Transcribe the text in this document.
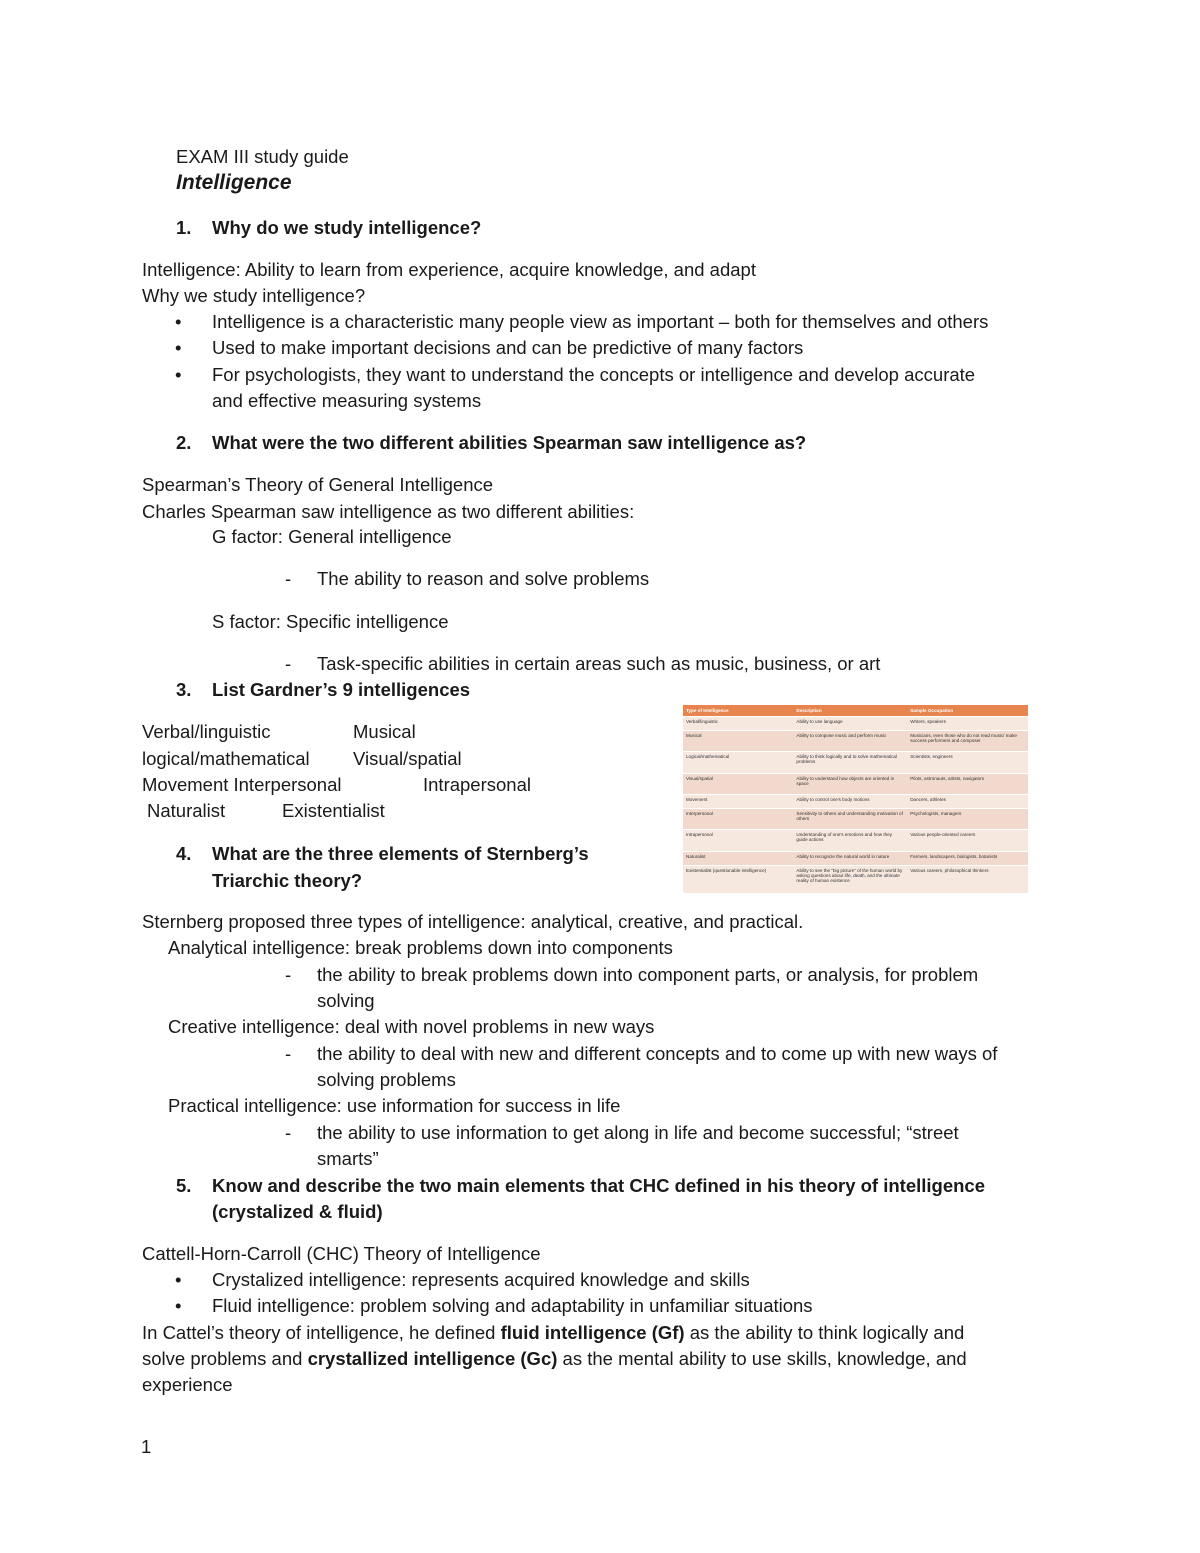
EXAM III study guide
Intelligence
1. Why do we study intelligence?
Intelligence: Ability to learn from experience, acquire knowledge, and adapt
Why we study intelligence?
• Intelligence is a characteristic many people view as important – both for themselves and others
• Used to make important decisions and can be predictive of many factors
• For psychologists, they want to understand the concepts or intelligence and develop accurate
and effective measuring systems
2. What were the two different abilities Spearman saw intelligence as?
Spearman’s Theory of General Intelligence
Charles Spearman saw intelligence as two different abilities:
G factor: General intelligence
- The ability to reason and solve problems
S factor: Specific intelligence
- Task-specific abilities in certain areas such as music, business, or art
3. List Gardner’s 9 intelligences
Verbal/linguistic	Musical
logical/mathematical Visual/spatial
Movement Interpersonal	Intrapersonal
Naturalist	Existentialist
Type of Intelligence	Description	Sample Occupation
Verbal/linguistic	Ability to use language	Writers, speakers
Musical	Ability to compose music and perform music	Musicians, even those who do not read music/ make success performers and composer
Logical/mathematical	Ability to think logically and to solve mathematical problems	Scientists, engineers
Visual/spatial	Ability to understand how objects are oriented in space	Pilots, astronauts, artists, navigators
Movement	Ability to control one's body motions	Dancers, athletes
Interpersonal	Sensitivity to others and understanding motivation of others	Psychologists, managers
Intrapersonal	Understanding of one's emotions and how they guide actions	Various people-oriented careers
Naturalist	Ability to recognize the natural world in nature	Farmers, landscapers, biologists, botanists
Existentialist (questionable intelligence)	Ability to see the "big picture" of the human world by asking questions about life, death, and the ultimate reality of human existence	Various careers, philosophical thinkers
4. What are the three elements of Sternberg’s
Triarchic theory?
Sternberg proposed three types of intelligence: analytical, creative, and practical.
Analytical intelligence: break problems down into components
- the ability to break problems down into component parts, or analysis, for problem
solving
Creative intelligence: deal with novel problems in new ways
- the ability to deal with new and different concepts and to come up with new ways of
solving problems
Practical intelligence: use information for success in life
- the ability to use information to get along in life and become successful; “street
smarts”
5. Know and describe the two main elements that CHC defined in his theory of intelligence
(crystalized & fluid)
Cattell-Horn-Carroll (CHC) Theory of Intelligence
• Crystalized intelligence: represents acquired knowledge and skills
• Fluid intelligence: problem solving and adaptability in unfamiliar situations
In Cattel’s theory of intelligence, he defined fluid intelligence (Gf) as the ability to think logically and
solve problems and crystallized intelligence (Gc) as the mental ability to use skills, knowledge, and
experience
1
